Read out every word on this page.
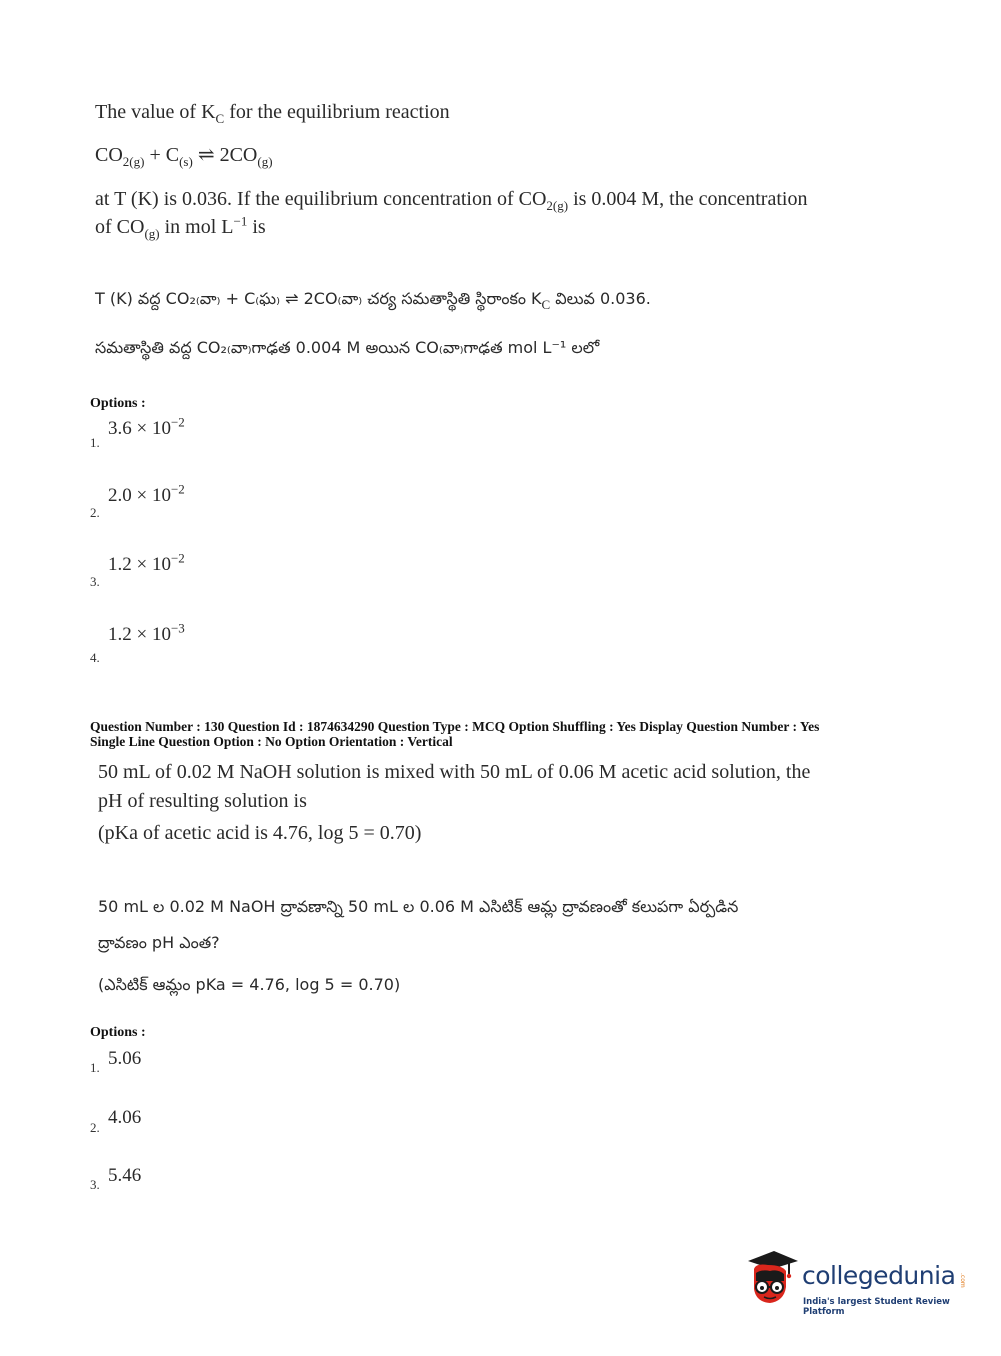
The value of $K_C$ for the equilibrium reaction
$CO_{2(g)} + C_{(s)}$ ⇌ $2CO_{(g)}$
at T (K) is 0.036. If the equilibrium concentration of $CO_{2(g)}$ is 0.004 M, the concentration
of $CO_{(g)}$ in mol $L^{-1}$ is
T (K) వద్ద CO₂₍వా₎ + C₍ఘ₎ ⇌ 2CO₍వా₎ చర్య సమతాస్థితి స్థిరాంకం $K_C$ విలువ 0.036.
సమతాస్థితి వద్ద CO₂₍వా₎గాఢత 0.004 M అయిన CO₍వా₎గాఢత mol L⁻¹ లలో
Options :
1.
$3.6 \times 10^{-2}$
2.
$2.0 \times 10^{-2}$
3.
$1.2 \times 10^{-2}$
4.
$1.2 \times 10^{-3}$
Question Number : 130 Question Id : 1874634290 Question Type : MCQ Option Shuffling : Yes Display Question Number : Yes
Single Line Question Option : No Option Orientation : Vertical
50 mL of 0.02 M NaOH solution is mixed with 50 mL of 0.06 M acetic acid solution, the
pH of resulting solution is
(pKa of acetic acid is 4.76, log 5 = 0.70)
50 mL ల 0.02 M NaOH ద్రావణాన్ని 50 mL ల 0.06 M ఎసిటిక్ ఆమ్ల ద్రావణంతో కలుపగా ఏర్పడిన
ద్రావణం pH ఎంత?
(ఎసిటిక్ ఆమ్లం pKa = 4.76, log 5 = 0.70)
Options :
1. 5.06
2. 4.06
3. 5.46
collegedunia .com
India's largest Student Review Platform
